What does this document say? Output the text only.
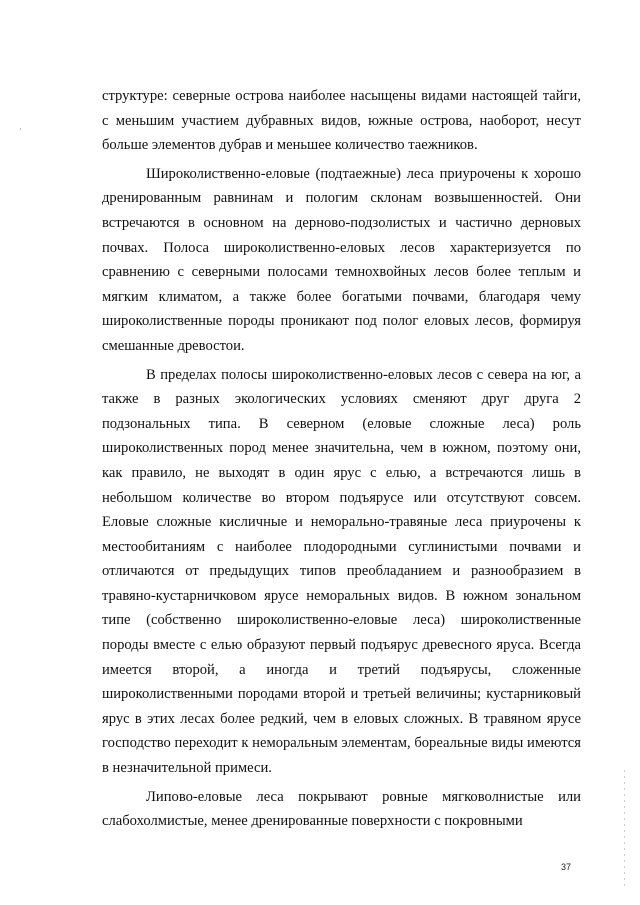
структуре: северные острова наиболее насыщены видами настоящей тайги, с меньшим участием дубравных видов, южные острова, наоборот, несут больше элементов дубрав и меньшее количество таежников.

Широколиственно-еловые (подтаежные) леса приурочены к хорошо дренированным равнинам и пологим склонам возвышенностей. Они встречаются в основном на дерново-подзолистых и частично дерновых почвах. Полоса широколиственно-еловых лесов характеризуется по сравнению с северными полосами темнохвойных лесов более теплым и мягким климатом, а также более богатыми почвами, благодаря чему широколиственные породы проникают под полог еловых лесов, формируя смешанные древостои.

В пределах полосы широколиственно-еловых лесов с севера на юг, а также в разных экологических условиях сменяют друг друга 2 подзональных типа. В северном (еловые сложные леса) роль широколиственных пород менее значительна, чем в южном, поэтому они, как правило, не выходят в один ярус с елью, а встречаются лишь в небольшом количестве во втором подъярусе или отсутствуют совсем. Еловые сложные кисличные и неморально-травяные леса приурочены к местообитаниям с наиболее плодородными суглинистыми почвами и отличаются от предыдущих типов преобладанием и разнообразием в травяно-кустарничковом ярусе неморальных видов. В южном зональном типе (собственно широколиственно-еловые леса) широколиственные породы вместе с елью образуют первый подъярус древесного яруса. Всегда имеется второй, а иногда и третий подъярусы, сложенные широколиственными породами второй и третьей величины; кустарниковый ярус в этих лесах более редкий, чем в еловых сложных. В травяном ярусе господство переходит к неморальным элементам, бореальные виды имеются в незначительной примеси.

Липово-еловые леса покрывают ровные мягковолнистые или слабохолмистые, менее дренированные поверхности с покровными

37
